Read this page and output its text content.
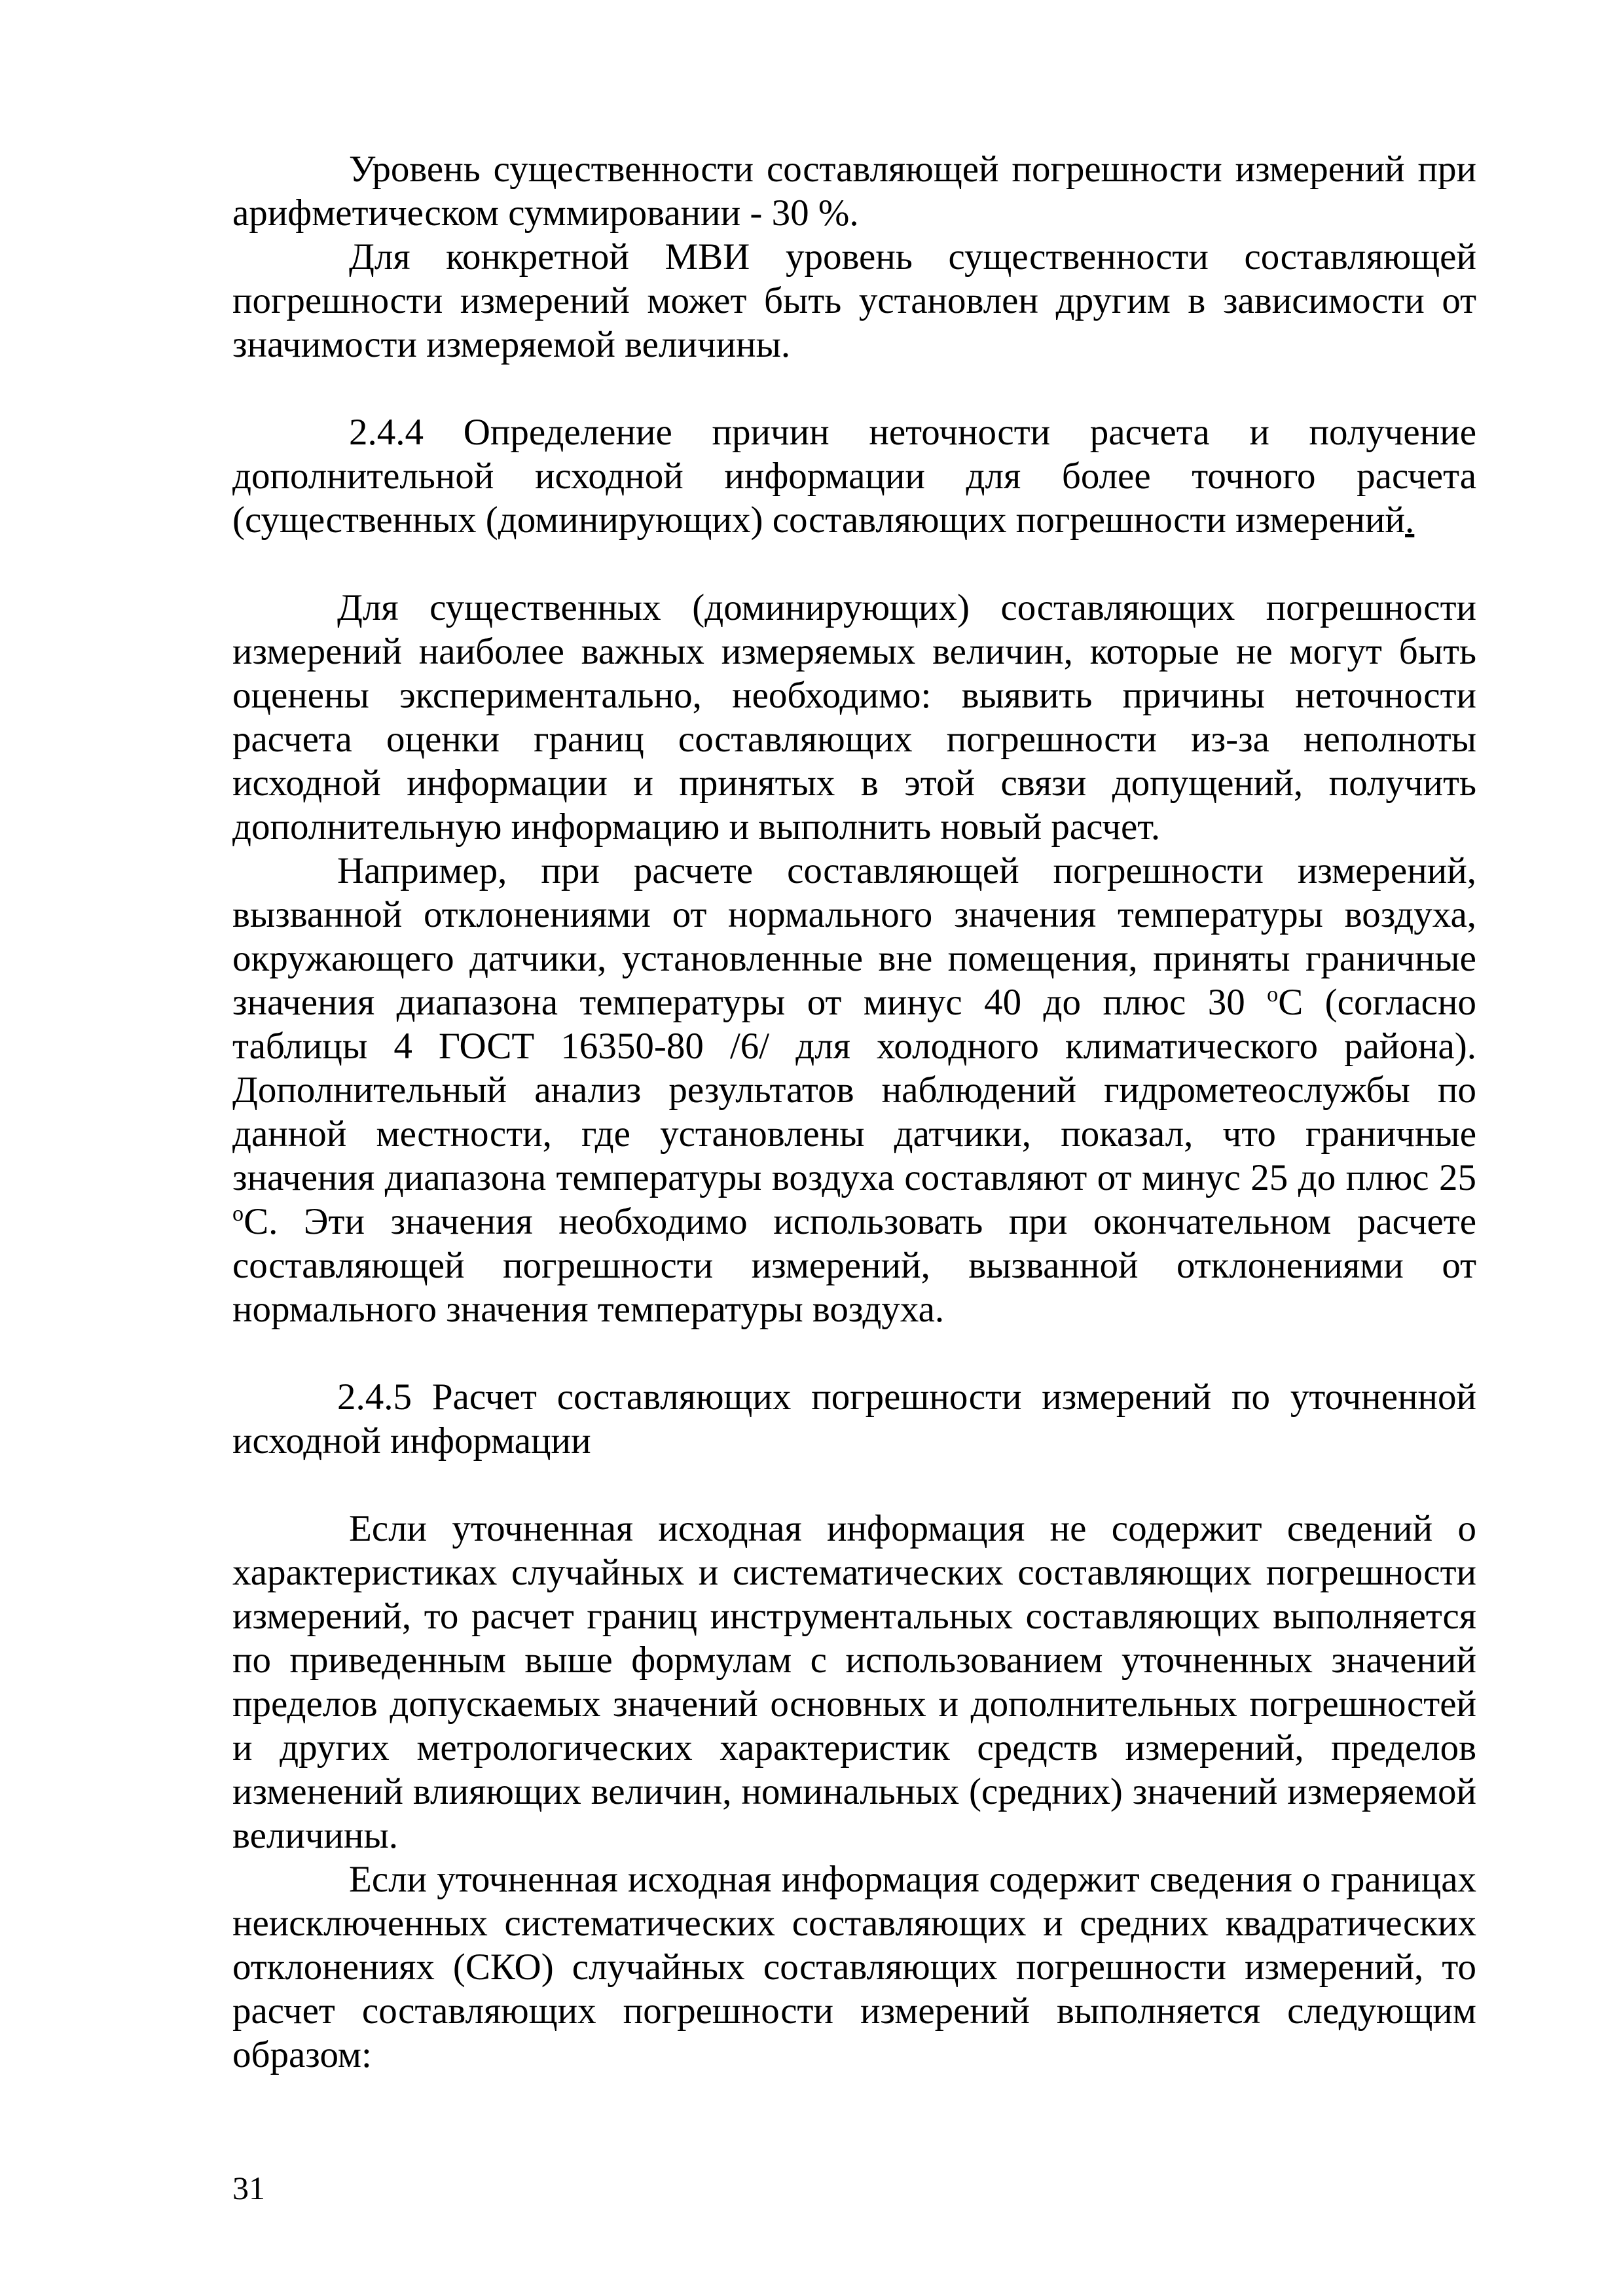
Уровень существенности составляющей погрешности измерений при арифметическом суммировании - 30 %.

Для конкретной МВИ уровень существенности составляющей погрешности измерений может быть установлен другим в зависимости от значимости измеряемой величины.

2.4.4 Определение причин неточности расчета и получение дополнительной исходной информации для более точного расчета (существенных (доминирующих) составляющих погрешности измерений.

Для существенных (доминирующих) составляющих погрешности измерений наиболее важных измеряемых величин, которые не могут быть оценены экспериментально, необходимо: выявить причины неточности расчета оценки границ составляющих погрешности из-за неполноты исходной информации и принятых в этой связи допущений, получить дополнительную информацию и выполнить новый расчет.

Например, при расчете составляющей погрешности измерений, вызванной отклонениями от нормального значения температуры воздуха, окружающего датчики, установленные вне помещения, приняты граничные значения диапазона температуры от минус 40 до плюс 30 $^о$С (согласно таблицы 4 ГОСТ 16350-80 /6/ для холодного климатического района). Дополнительный анализ результатов наблюдений гидрометеослужбы по данной местности, где установлены датчики, показал, что граничные значения диапазона температуры воздуха составляют от минус 25 до плюс 25 $^о$С. Эти значения необходимо использовать при окончательном расчете составляющей погрешности измерений, вызванной отклонениями от нормального значения температуры воздуха.

2.4.5 Расчет составляющих погрешности измерений по уточненной исходной информации

Если уточненная исходная информация не содержит сведений о характеристиках случайных и систематических составляющих погрешности измерений, то расчет границ инструментальных составляющих выполняется по приведенным выше формулам с использованием уточненных значений пределов допускаемых значений основных и дополнительных погрешностей и других метрологических характеристик средств измерений, пределов изменений влияющих величин, номинальных (средних) значений измеряемой величины.

Если уточненная исходная информация содержит сведения о границах неисключенных систематических составляющих и средних квадратических отклонениях (СКО) случайных составляющих погрешности измерений, то расчет составляющих погрешности измерений выполняется следующим образом:

31
